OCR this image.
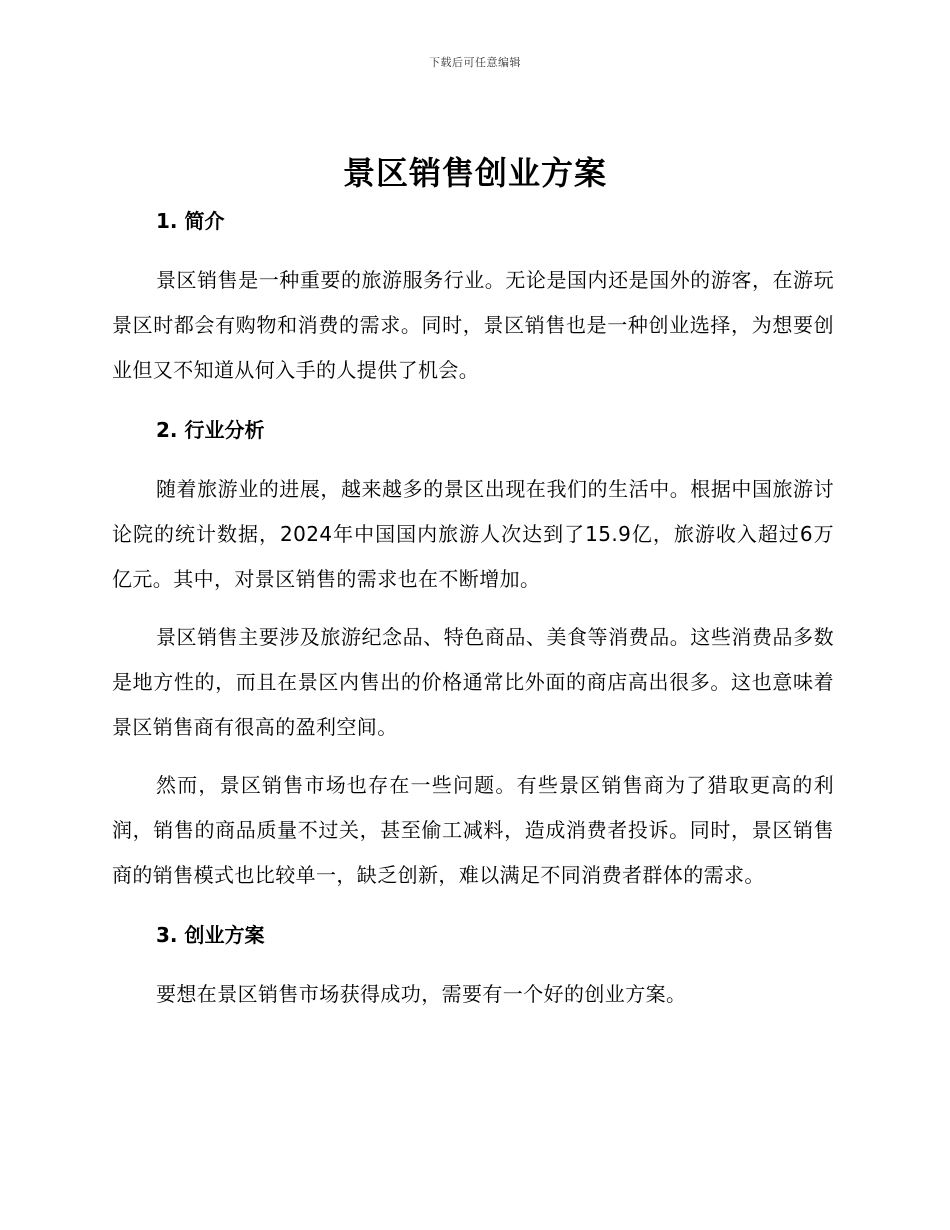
下载后可任意编辑
景区销售创业方案
1. 简介

景区销售是一种重要的旅游服务行业。无论是国内还是国外的游客，在游玩景区时都会有购物和消费的需求。同时，景区销售也是一种创业选择，为想要创业但又不知道从何入手的人提供了机会。

2. 行业分析

随着旅游业的进展，越来越多的景区出现在我们的生活中。根据中国旅游讨论院的统计数据，2024年中国国内旅游人次达到了15.9亿，旅游收入超过6万亿元。其中，对景区销售的需求也在不断增加。

景区销售主要涉及旅游纪念品、特色商品、美食等消费品。这些消费品多数是地方性的，而且在景区内售出的价格通常比外面的商店高出很多。这也意味着景区销售商有很高的盈利空间。

然而，景区销售市场也存在一些问题。有些景区销售商为了猎取更高的利润，销售的商品质量不过关，甚至偷工减料，造成消费者投诉。同时，景区销售商的销售模式也比较单一，缺乏创新，难以满足不同消费者群体的需求。

3. 创业方案

要想在景区销售市场获得成功，需要有一个好的创业方案。
